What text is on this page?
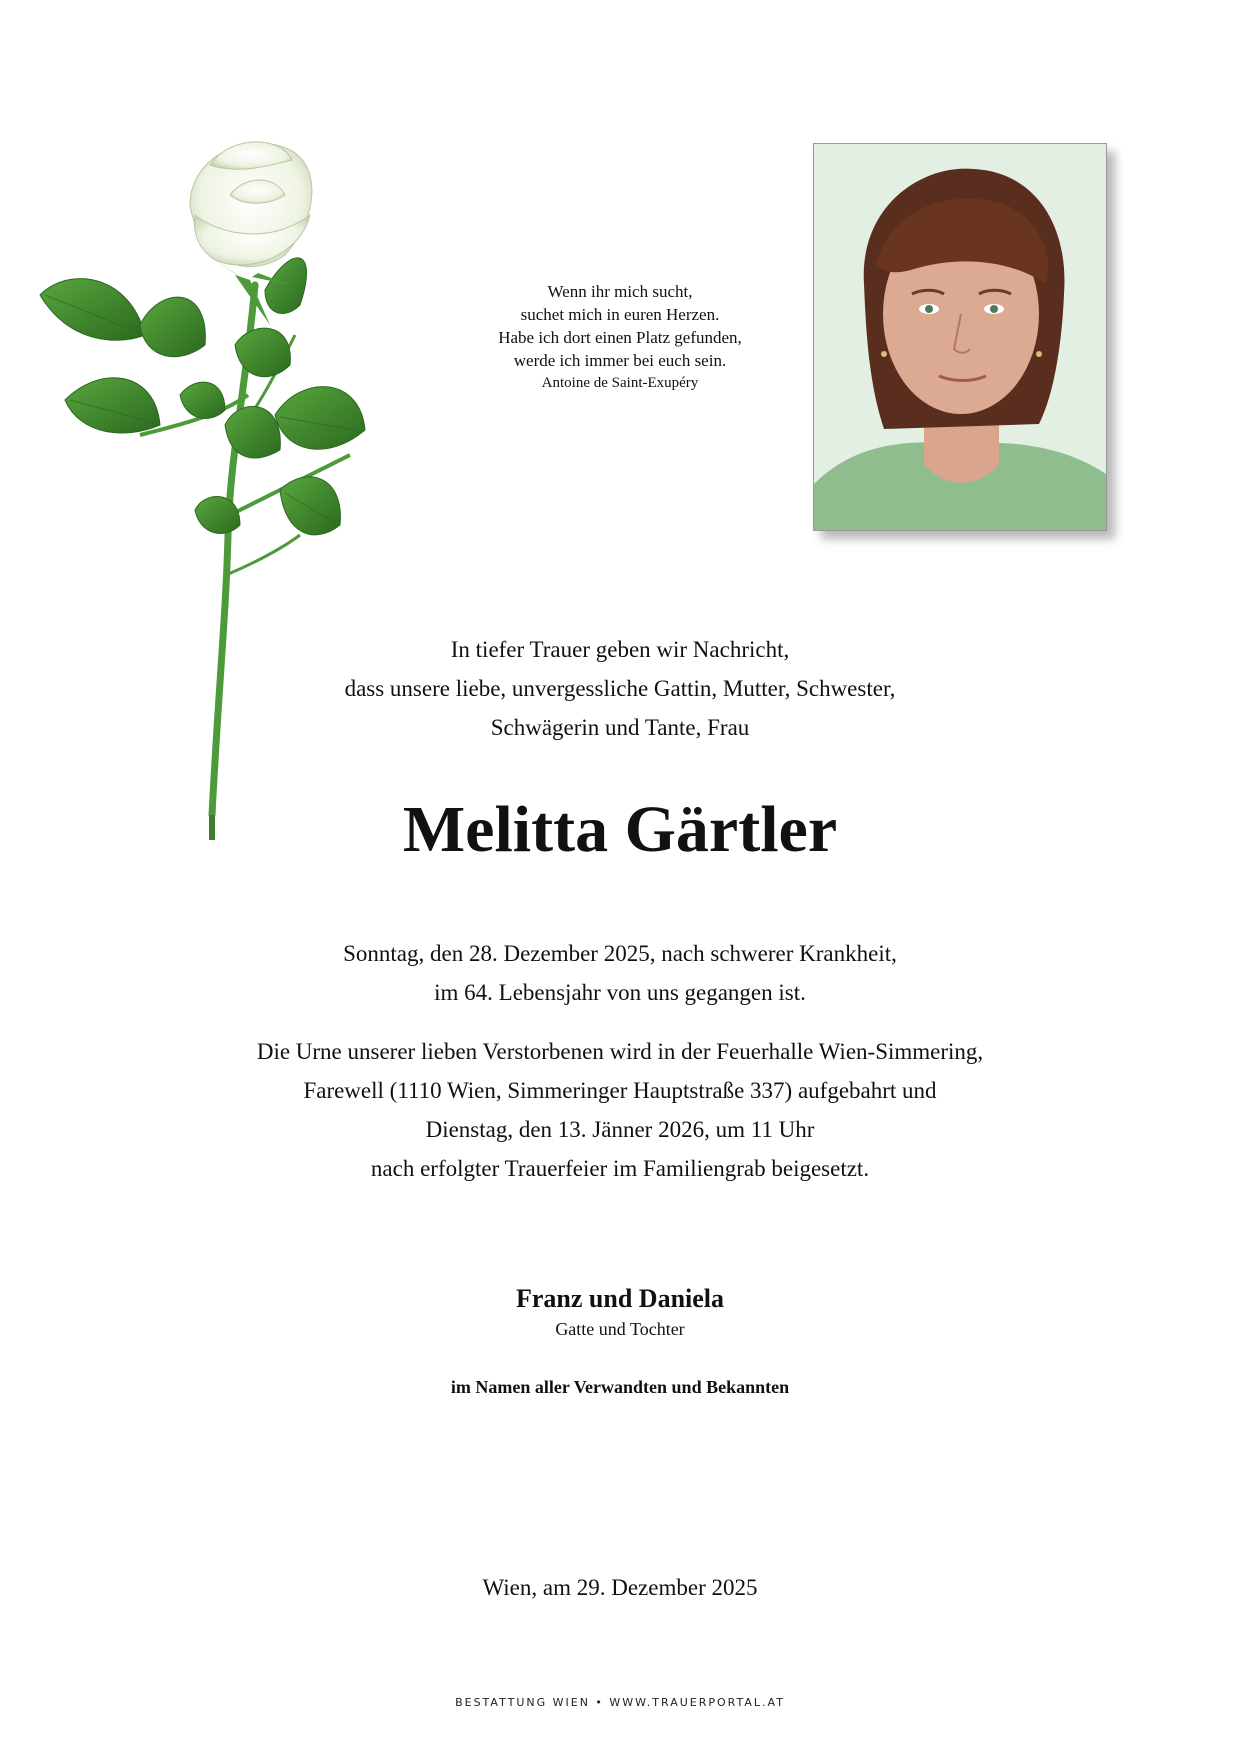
Wenn ihr mich sucht,
suchet mich in euren Herzen.
Habe ich dort einen Platz gefunden,
werde ich immer bei euch sein.
Antoine de Saint-Exupéry
In tiefer Trauer geben wir Nachricht,
dass unsere liebe, unvergessliche Gattin, Mutter, Schwester,
Schwägerin und Tante, Frau
Melitta Gärtler
Sonntag, den 28. Dezember 2025, nach schwerer Krankheit,
im 64. Lebensjahr von uns gegangen ist.
Die Urne unserer lieben Verstorbenen wird in der Feuerhalle Wien-Simmering,
Farewell (1110 Wien, Simmeringer Hauptstraße 337) aufgebahrt und
Dienstag, den 13. Jänner 2026, um 11 Uhr
nach erfolgter Trauerfeier im Familiengrab beigesetzt.
Franz und Daniela
Gatte und Tochter
im Namen aller Verwandten und Bekannten
Wien, am 29. Dezember 2025
BESTATTUNG WIEN • WWW.TRAUERPORTAL.AT
